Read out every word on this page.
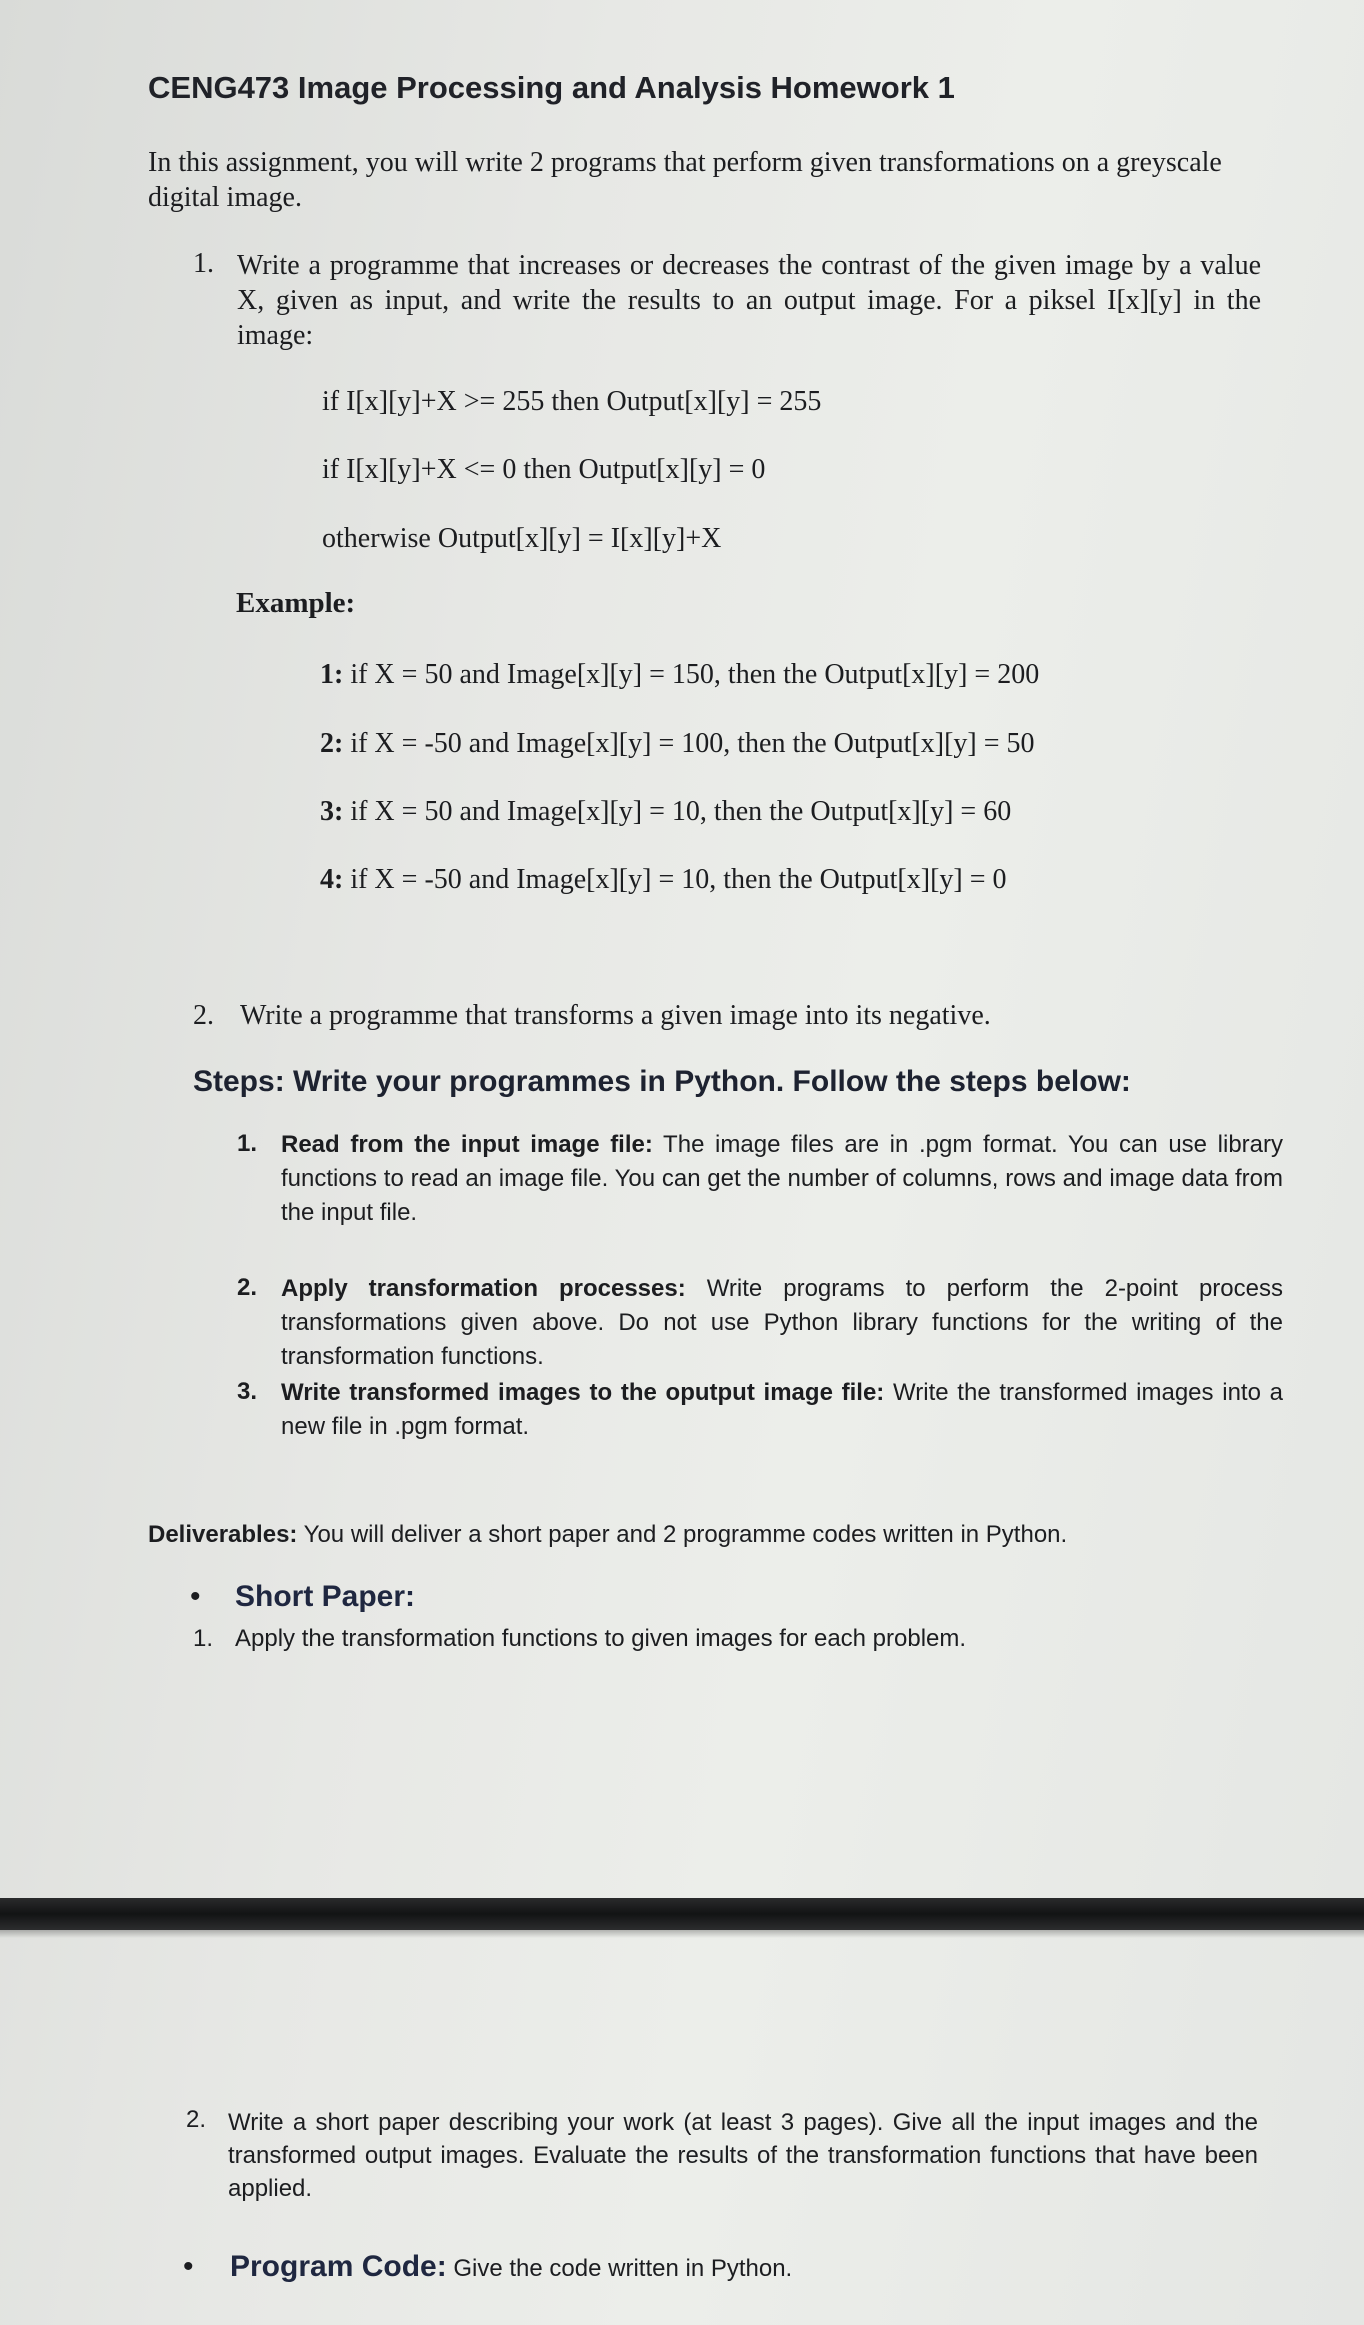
CENG473 Image Processing and Analysis Homework 1
In this assignment, you will write 2 programs that perform given transformations on a greyscale digital image.
1. Write a programme that increases or decreases the contrast of the given image by a value X, given as input, and write the results to an output image. For a piksel I[x][y] in the image:
if I[x][y]+X >= 255 then Output[x][y] = 255
if I[x][y]+X <= 0 then Output[x][y] = 0
otherwise Output[x][y] = I[x][y]+X
Example:
1: if X = 50 and Image[x][y] = 150, then the Output[x][y] = 200
2: if X = -50 and Image[x][y] = 100, then the Output[x][y] = 50
3: if X = 50 and Image[x][y] = 10, then the Output[x][y] = 60
4: if X = -50 and Image[x][y] = 10, then the Output[x][y] = 0
2. Write a programme that transforms a given image into its negative.
Steps: Write your programmes in Python. Follow the steps below:
1. Read from the input image file: The image files are in .pgm format. You can use library functions to read an image file. You can get the number of columns, rows and image data from the input file.
2. Apply transformation processes: Write programs to perform the 2-point process transformations given above. Do not use Python library functions for the writing of the transformation functions.
3. Write transformed images to the oputput image file: Write the transformed images into a new file in .pgm format.
Deliverables: You will deliver a short paper and 2 programme codes written in Python.
• Short Paper:
1. Apply the transformation functions to given images for each problem.
2. Write a short paper describing your work (at least 3 pages). Give all the input images and the transformed output images. Evaluate the results of the transformation functions that have been applied.
• Program Code: Give the code written in Python.
